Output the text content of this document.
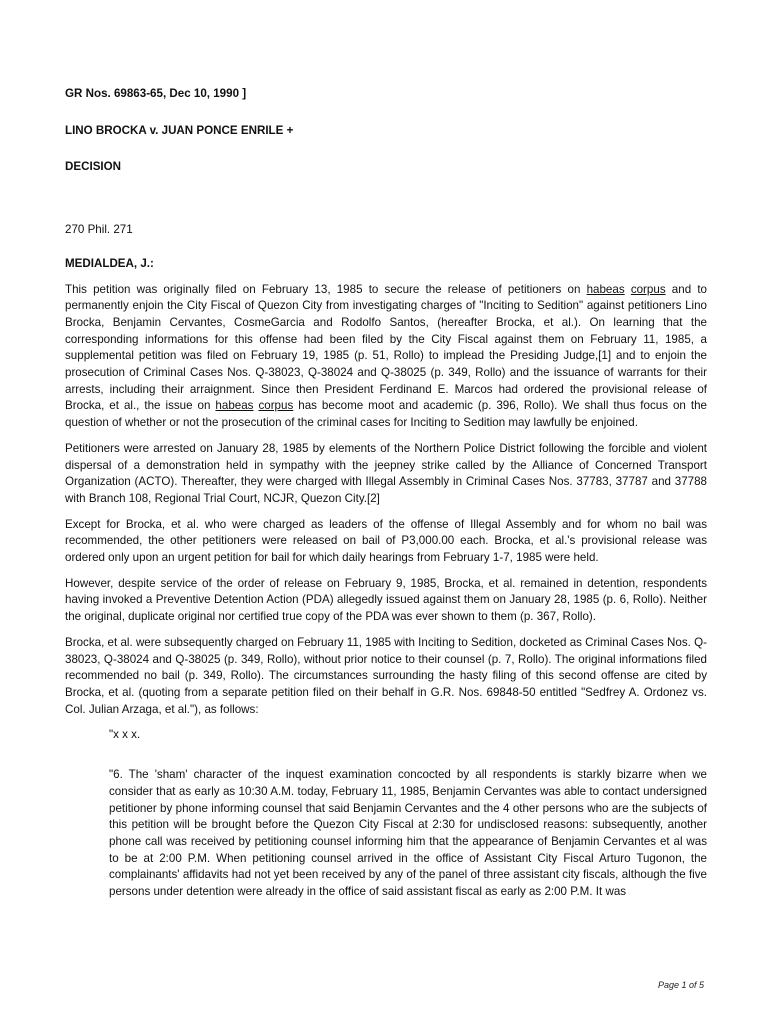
GR Nos. 69863-65, Dec 10, 1990 ]
LINO BROCKA v. JUAN PONCE ENRILE +
DECISION
270 Phil. 271
MEDIALDEA, J.:

This petition was originally filed on February 13, 1985 to secure the release of petitioners on habeas corpus and to permanently enjoin the City Fiscal of Quezon City from investigating charges of "Inciting to Sedition" against petitioners Lino Brocka, Benjamin Cervantes, CosmeGarcia and Rodolfo Santos, (hereafter Brocka, et al.). On learning that the corresponding informations for this offense had been filed by the City Fiscal against them on February 11, 1985, a supplemental petition was filed on February 19, 1985 (p. 51, Rollo) to implead the Presiding Judge,[1] and to enjoin the prosecution of Criminal Cases Nos. Q-38023, Q-38024 and Q-38025 (p. 349, Rollo) and the issuance of warrants for their arrests, including their arraignment. Since then President Ferdinand E. Marcos had ordered the provisional release of Brocka, et al., the issue on habeas corpus has become moot and academic (p. 396, Rollo). We shall thus focus on the question of whether or not the prosecution of the criminal cases for Inciting to Sedition may lawfully be enjoined.

Petitioners were arrested on January 28, 1985 by elements of the Northern Police District following the forcible and violent dispersal of a demonstration held in sympathy with the jeepney strike called by the Alliance of Concerned Transport Organization (ACTO). Thereafter, they were charged with Illegal Assembly in Criminal Cases Nos. 37783, 37787 and 37788 with Branch 108, Regional Trial Court, NCJR, Quezon City.[2]

Except for Brocka, et al. who were charged as leaders of the offense of Illegal Assembly and for whom no bail was recommended, the other petitioners were released on bail of P3,000.00 each. Brocka, et al.'s provisional release was ordered only upon an urgent petition for bail for which daily hearings from February 1-7, 1985 were held.

However, despite service of the order of release on February 9, 1985, Brocka, et al. remained in detention, respondents having invoked a Preventive Detention Action (PDA) allegedly issued against them on January 28, 1985 (p. 6, Rollo). Neither the original, duplicate original nor certified true copy of the PDA was ever shown to them (p. 367, Rollo).

Brocka, et al. were subsequently charged on February 11, 1985 with Inciting to Sedition, docketed as Criminal Cases Nos. Q-38023, Q-38024 and Q-38025 (p. 349, Rollo), without prior notice to their counsel (p. 7, Rollo). The original informations filed recommended no bail (p. 349, Rollo). The circumstances surrounding the hasty filing of this second offense are cited by Brocka, et al. (quoting from a separate petition filed on their behalf in G.R. Nos. 69848-50 entitled "Sedfrey A. Ordonez vs. Col. Julian Arzaga, et al."), as follows:

"x x x.
"6. The 'sham' character of the inquest examination concocted by all respondents is starkly bizarre when we consider that as early as 10:30 A.M. today, February 11, 1985, Benjamin Cervantes was able to contact undersigned petitioner by phone informing counsel that said Benjamin Cervantes and the 4 other persons who are the subjects of this petition will be brought before the Quezon City Fiscal at 2:30 for undisclosed reasons: subsequently, another phone call was received by petitioning counsel informing him that the appearance of Benjamin Cervantes et al was to be at 2:00 P.M. When petitioning counsel arrived in the office of Assistant City Fiscal Arturo Tugonon, the complainants' affidavits had not yet been received by any of the panel of three assistant city fiscals, although the five persons under detention were already in the office of said assistant fiscal as early as 2:00 P.M. It was
Page 1 of 5
